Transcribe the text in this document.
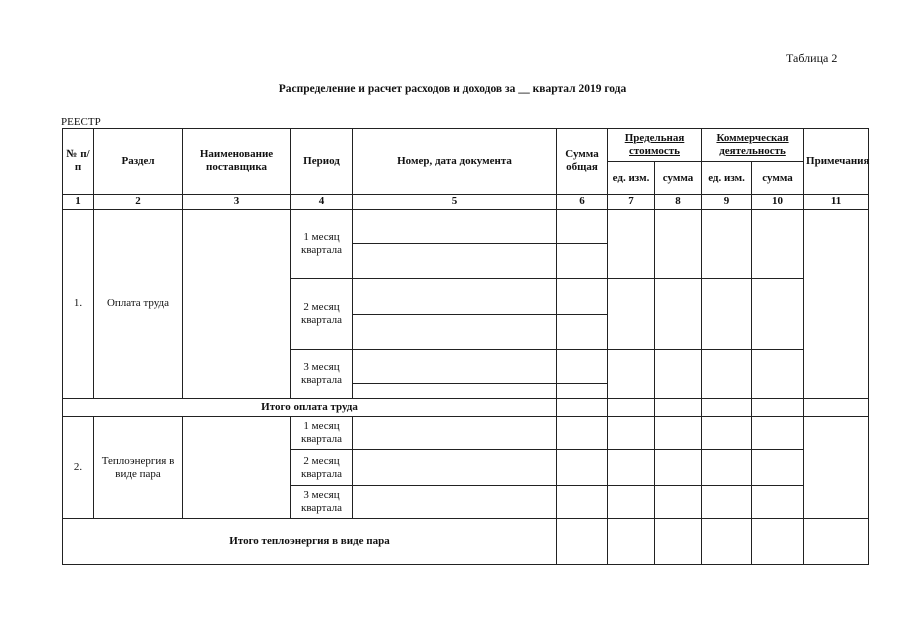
Таблица 2
Распределение и расчет расходов и доходов за __ квартал 2019 года
РЕЕСТР
№ п/п	Раздел	Наименование поставщика	Период	Номер, дата документа	Сумма общая	Предельная стоимость		Коммерческая деятельность		Примечания
						ед. изм.	сумма	ед. изм.	сумма	
1	2	3	4	5	6	7	8	9	10	11
1.	Оплата труда		1 месяц квартала							

			2 месяц квартала							

			3 месяц квартала							

Итого оплата труда										
2.	Теплоэнергия в виде пара		1 месяц квартала							
			2 месяц квартала							
			3 месяц квартала							
Итого теплоэнергия в виде пара										
